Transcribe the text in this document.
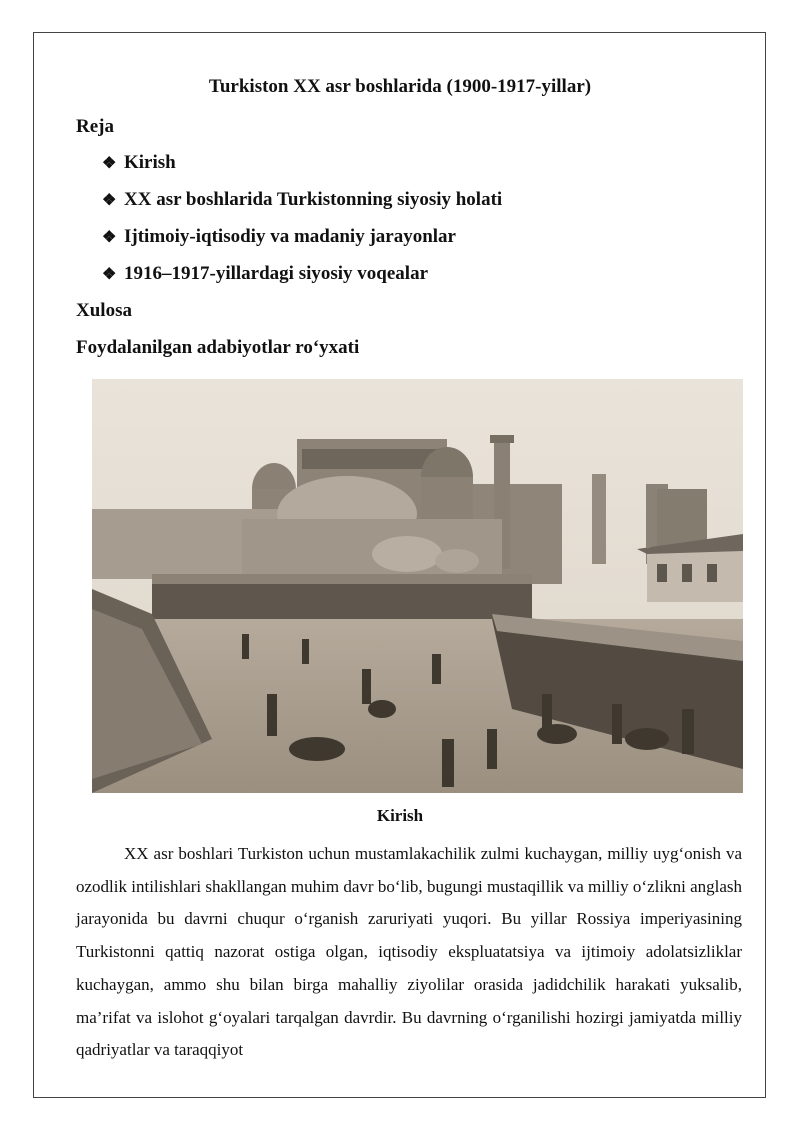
Turkiston XX asr boshlarida (1900-1917-yillar)
Reja
❖ Kirish
❖ XX asr boshlarida Turkistonning siyosiy holati
❖ Ijtimoiy-iqtisodiy va madaniy jarayonlar
❖ 1916–1917-yillardagi siyosiy voqealar
Xulosa
Foydalanilgan adabiyotlar ro‘yxati
Kirish

XX asr boshlari Turkiston uchun mustamlakachilik zulmi kuchaygan, milliy uyg‘onish va ozodlik intilishlari shakllangan muhim davr bo‘lib, bugungi mustaqillik va milliy o‘zlikni anglash jarayonida bu davrni chuqur o‘rganish zaruriyati yuqori. Bu yillar Rossiya imperiyasining Turkistonni qattiq nazorat ostiga olgan, iqtisodiy ekspluatatsiya va ijtimoiy adolatsizliklar kuchaygan, ammo shu bilan birga mahalliy ziyolilar orasida jadidchilik harakati yuksalib, ma’rifat va islohot g‘oyalari tarqalgan davrdir. Bu davrning o‘rganilishi hozirgi jamiyatda milliy qadriyatlar va taraqqiyot
